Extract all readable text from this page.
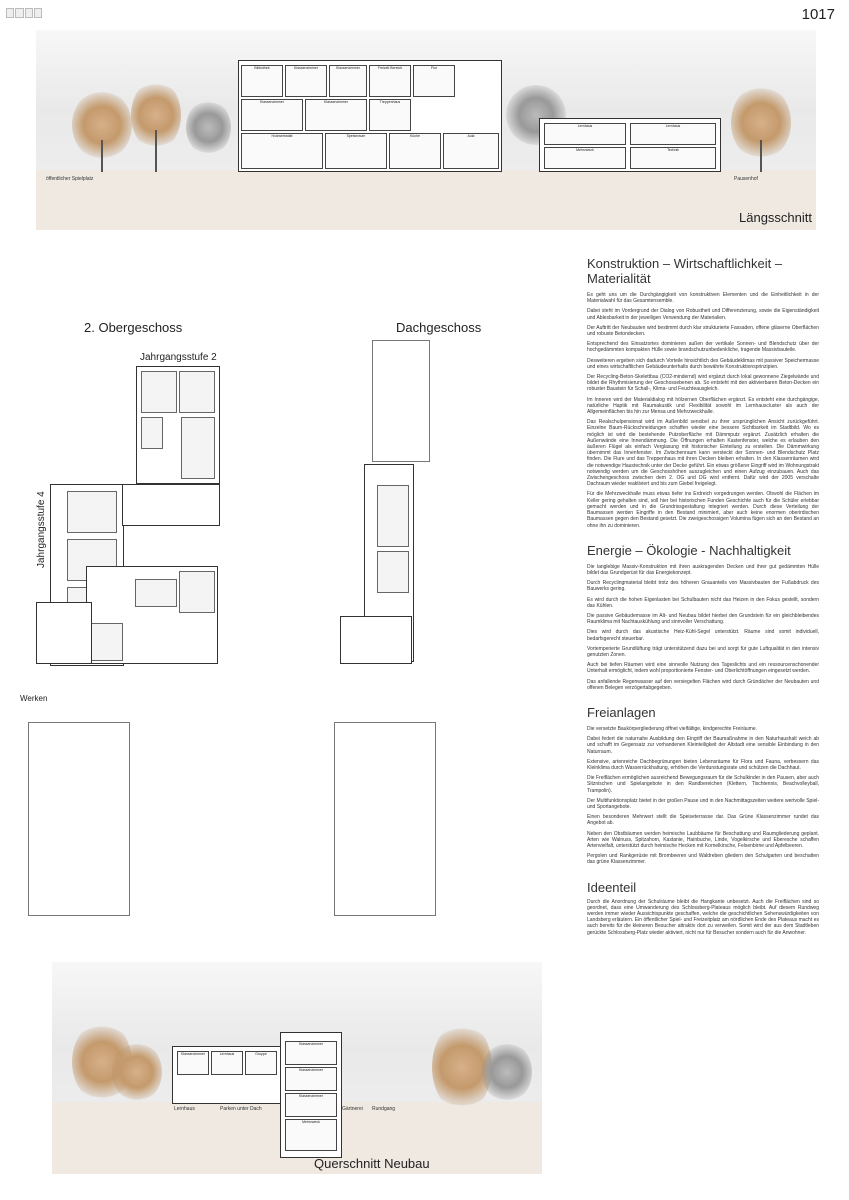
1017
Bibliothek	Klassenzimmer	Klassenzimmer	Freizeit Bereich	Flur
Klassenzimmer	Klassenzimmer	Treppenhaus
Holzwerkstatt	Speiseraum	Küche	Aula
Lernhaus	Lernhaus
Mehrzweck	Technik
öffentlicher Spielplatz	Pausenhof
Längsschnitt
2. Obergeschoss	Dachgeschoss
Jahrgangsstufe 2
Jahrgangsstufe 4
Werken
Klassenzimmer	Lernhaus	Gruppe
Klassenzimmer
Klassenzimmer
Klassenzimmer
Mehrzweck
Lernhaus	Parken unter Dach	Gärtnerei Rundgang
Querschnitt Neubau
Konstruktion – Wirtschaftlichkeit – Materialität

Es geht uns um die Durchgängigkeit von konstruktiven Elementen und die Einheitlichkeit in der Materialwahl für das Gesamtensemble.

Dabei steht im Vordergrund der Dialog von Robustheit und Differenzierung, sowie die Eigenständigkeit und Ablesbarkeit in der jeweiligen Verwendung der Materialien.

Der Auftritt der Neubauten wird bestimmt durch klar strukturierte Fassaden, offene gläserne Oberflächen und robuste Betondecken.

Entsprechend des Einsatzortes dominieren außen der vertikale Sonnen- und Blendschutz über der hochgedämmten kompakten Hülle sowie brandschutzunbedenkliche, tragende Massivbauteile.

Desweiteren ergeben sich dadurch Vorteile hinsichtlich des Gebäudeklimas mit passiver Speichermasse und eines wirtschaftlichen Gebäudeunterhalts durch bewährte Konstruktionsprinzipien.

Der Recycling-Beton-Skelettbau (CO2-mindernd) wird ergänzt durch lokal gewonnene Ziegelwände und bildet die Rhythmisierung der Geschossebenen ab. So entsteht mit den aktivierbaren Beton-Decken ein robuster Baustein für Schall-, Klima- und Feuchteausgleich.

Im Inneren wird der Materialdialog mit hölzernen Oberflächen ergänzt. Es entsteht eine durchgängige, natürliche Haptik mit Raumakustik und Flexibilität sowohl im Lernhauscluster als auch der Allgemeinflächen bis hin zur Mensa und Mehrzweckhalle.

Das Realschulpensionat wird im Außenbild sensibel zu ihrer ursprünglichen Ansicht zurückgeführt. Einzelne Baum-Rückschneidungen schaffen wieder eine bessere Sichtbarkeit im Stadtbild. Wo es möglich ist wird die bestehende Putzoberfläche mit Dämmputz ergänzt. Zusätzlich erhalten die Außenwände eine Innendämmung. Die Öffnungen erhalten Kastenfenster, welche es erlauben den äußeren Flügel als einfach Verglasung mit historischer Einteilung zu erstellen. Die Dämmwirkung übernimmt das Innenfenster. Im Zwischenraum kann versteckt der Sonnen- und Blendschutz Platz finden. Die Flure und das Treppenhaus mit ihren Decken bleiben erhalten. In den Klassenräumen wird die notwendige Haustechnik unter der Decke geführt. Ein etwas größerer Eingriff wird im Wohnungstrakt notwendig werden um die Geschosshöhen auszugleichen und einen Aufzug einzubauen. Auch das Zwischengeschoss zwischen dem 2. OG und DG wird entfernt. Dafür wird der 2005 verschalte Dachraum wieder reaktiviert und bis zum Giebel freigelegt.

Für die Mehrzweckhalle muss etwas tiefer ins Erdreich vorgedrungen werden. Obwohl die Flächen im Keller gering gehalten sind, soll hier bei historischen Funden Geschichte auch für die Schüler erlebbar gemacht werden und in die Grundrissgestaltung integriert werden. Durch diese Verteilung der Baumassen werden Eingriffe in den Bestand minimiert, aber auch keine enormen oberirdischen Baumassen gegen den Bestand gesetzt. Die zweigeschossigen Volumina fügen sich an den Bestand an ohne ihn zu dominieren.

Energie – Ökologie - Nachhaltigkeit

Die langlebige Massiv-Konstruktion mit ihren auskragenden Decken und ihrer gut gedämmten Hülle bildet das Grundgerüst für das Energiekonzept.

Durch Recyclingmaterial bleibt trotz des höheren Grauanteils von Massivbauten der Fußabdruck des Bauwerks gering.

Es wird durch die hohen Eigenlasten bei Schulbauten nicht das Heizen in den Fokus gestellt, sondern das Kühlen.

Die passive Gebäudemasse im Alt- und Neubau bildet hierbei den Grundstein für ein gleichbleibendes Raumklima mit Nachtauskühlung und sinnvoller Verschattung.

Dies wird durch das akustische Heiz-Kühl-Segel unterstützt. Räume sind somit individuell, bedarfsgerecht steuerbar.

Vortemperierte Grundlüftung trägt unterstützend dazu bei und sorgt für gute Luftqualität in den intensiv genutzten Zonen.

Auch bei tiefen Räumen wird eine sinnvolle Nutzung des Tageslichts und ein ressourcenschonender Unterhalt ermöglicht, indem wohl proportionierte Fenster- und Oberlichtöffnungen eingesetzt werden.

Das anfallende Regenwasser auf den versiegelten Flächen wird durch Gründächer der Neubauten und offenen Belegen verzögertabgegeben.

Freianlagen

Die versetzte Baukörpergliederung öffnet vielfältige, kindgerechte Freiräume.

Dabei federt die naturnahe Ausbildung den Eingriff der Baumaßnahme in den Naturhaushalt weich ab und schafft im Gegensatz zur vorhandenen Kleinteiligkeit der Altstadt eine sensible Einbindung in den Naturraum.

Extensive, artenreiche Dachbegrünungen bieten Lebensräume für Flora und Fauna, verbessern das Kleinklima durch Wasserrückhaltung, erhöhen die Verdunstungsrate und schützen die Dachhaut.

Die Freiflächen ermöglichen ausreichend Bewegungsraum für die Schulkinder in den Pausen, aber auch Sitznischen und Spielangebote in den Randbereichen (Klettern, Tischtennis, Beachvolleyball, Trampolin).

Der Multifunktionsplatz bietet in der großen Pause und in den Nachmittagszeiten weitere wertvolle Spiel- und Sportangebote.

Einen besonderen Mehrwert stellt die Speiseterrasse dar. Das Grüne Klassenzimmer rundet das Angebot ab.

Neben den Obstbäumen werden heimische Laubbäume für Beschattung und Raumgliederung geplant. Arten wie Walnuss, Spitzahorn, Kastanie, Hainbuche, Linde, Vogelkirsche und Eberesche schaffen Artenvielfalt, unterstützt durch heimische Hecken mit Kornelkirsche, Felsenbirne und Apfelbeeren.

Pergolen und Rankgerüste mit Brombeeren und Waldreben gliedern den Schulgarten und beschatten das grüne Klassenzimmer.

Ideenteil

Durch die Anordnung der Schulräume bleibt die Hangkante unbesetzt. Auch die Freiflächen sind so geordnet, dass eine Umwanderung des Schlossberg-Plateaus möglich bleibt. Auf diesem Rundweg werden immer wieder Aussichtspunkte geschaffen, welche die geschichtlichen Sehenswürdigkeiten von Landsberg erläutern. Ein öffentlicher Spiel- und Freizeitplatz am nördlichen Ende des Plateaus macht es auch bereits für die kleineren Besucher attraktiv dort zu verweilen. Somit wird der aus dem Stadtleben gerückte Schlossberg-Platz wieder aktiviert, nicht nur für Besucher sondern auch für die Anwohner.
